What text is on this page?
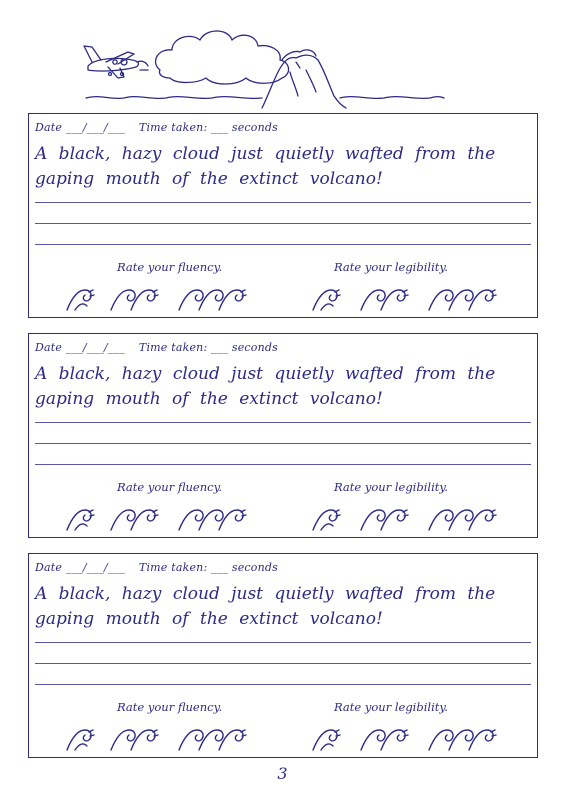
Date ___/___/___ Time taken: ___ seconds
A black, hazy cloud just quietly wafted from the gaping mouth of the extinct volcano!
Rate your fluency.	Rate your legibility.
Date ___/___/___ Time taken: ___ seconds
A black, hazy cloud just quietly wafted from the gaping mouth of the extinct volcano!
Rate your fluency.	Rate your legibility.
Date ___/___/___ Time taken: ___ seconds
A black, hazy cloud just quietly wafted from the gaping mouth of the extinct volcano!
Rate your fluency.	Rate your legibility.
3
